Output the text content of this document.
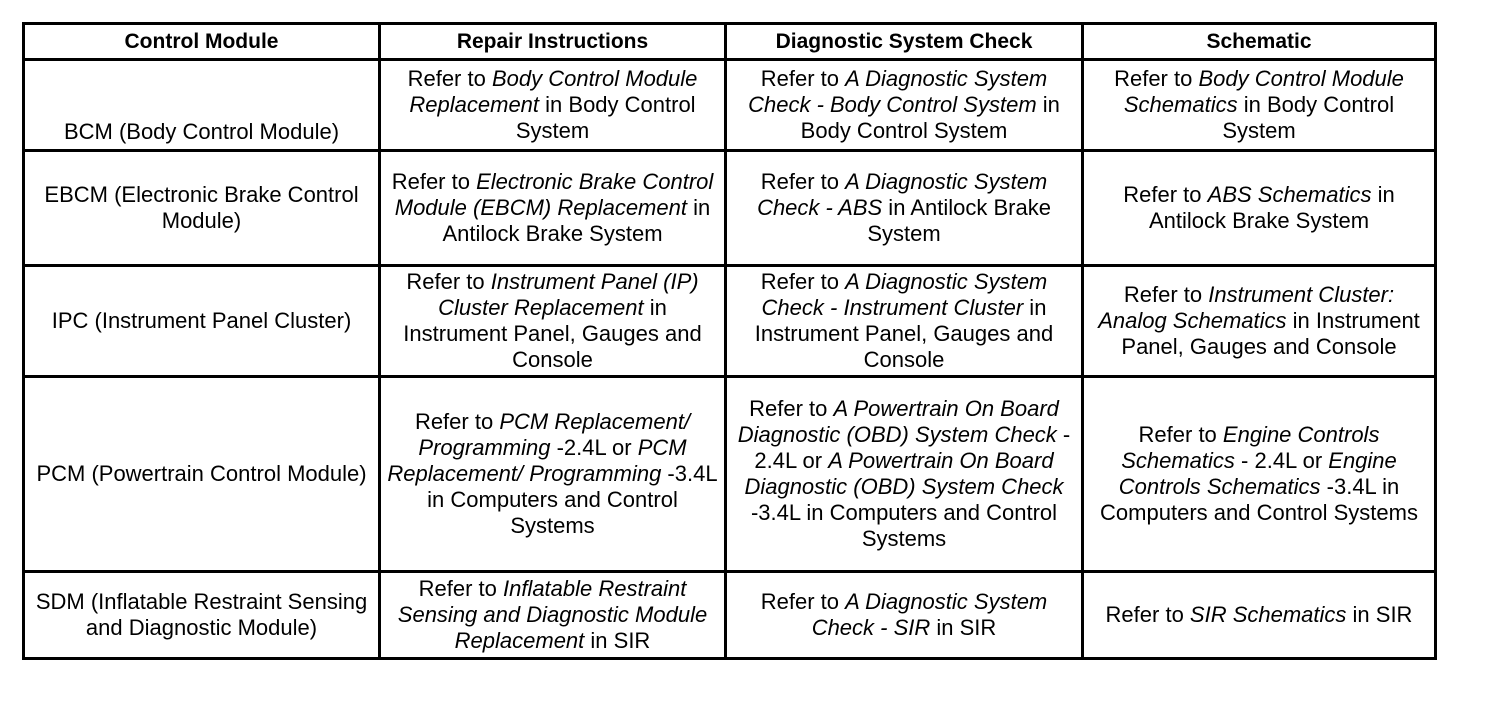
Control Module	Repair Instructions	Diagnostic System Check	Schematic
BCM (Body Control Module)	Refer to Body Control Module Replacement in Body Control System	Refer to A Diagnostic System Check - Body Control System in Body Control System	Refer to Body Control Module Schematics in Body Control System
EBCM (Electronic Brake Control Module)	Refer to Electronic Brake Control Module (EBCM) Replacement in Antilock Brake System	Refer to A Diagnostic System Check - ABS in Antilock Brake System	Refer to ABS Schematics in Antilock Brake System
IPC (Instrument Panel Cluster)	Refer to Instrument Panel (IP) Cluster Replacement in Instrument Panel, Gauges and Console	Refer to A Diagnostic System Check - Instrument Cluster in Instrument Panel, Gauges and Console	Refer to Instrument Cluster: Analog Schematics in Instrument Panel, Gauges and Console
PCM (Powertrain Control Module)	Refer to PCM Replacement/ Programming -2.4L or PCM Replacement/ Programming -3.4L in Computers and Control Systems	Refer to A Powertrain On Board Diagnostic (OBD) System Check - 2.4L or A Powertrain On Board Diagnostic (OBD) System Check -3.4L in Computers and Control Systems	Refer to Engine Controls Schematics - 2.4L or Engine Controls Schematics -3.4L in Computers and Control Systems
SDM (Inflatable Restraint Sensing and Diagnostic Module)	Refer to Inflatable Restraint Sensing and Diagnostic Module Replacement in SIR	Refer to A Diagnostic System Check - SIR in SIR	Refer to SIR Schematics in SIR
